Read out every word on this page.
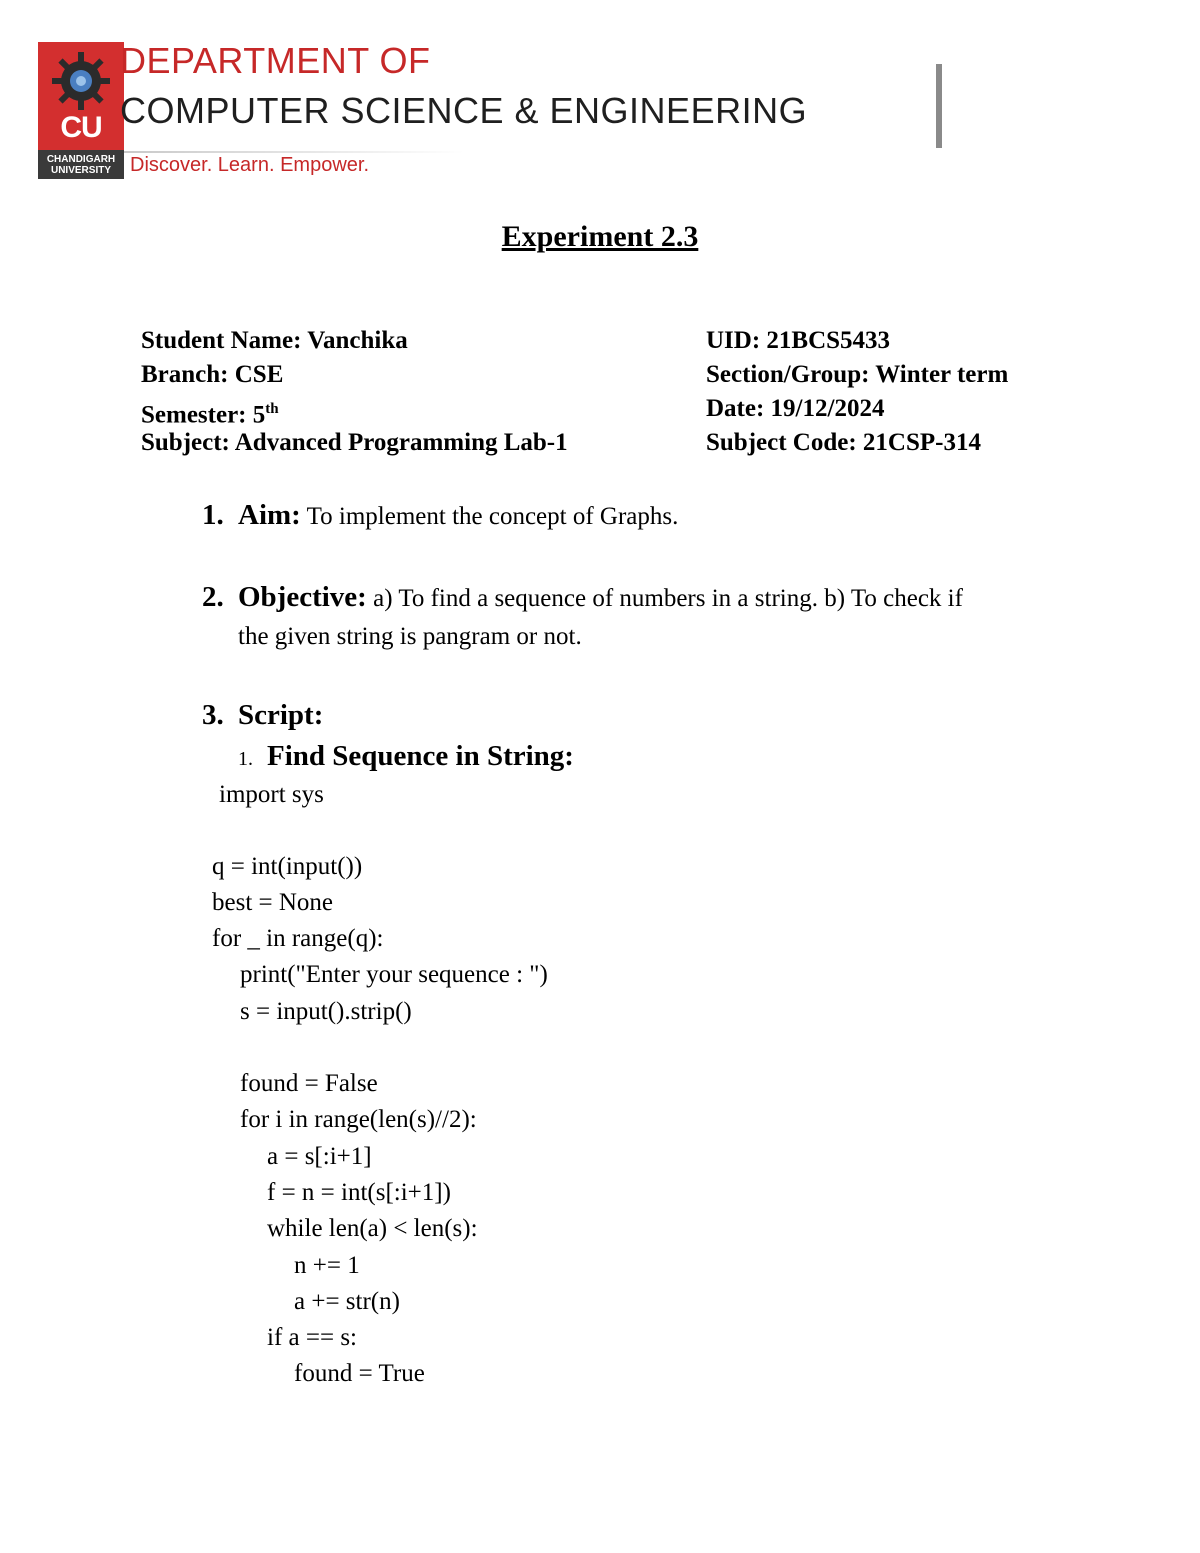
CU
CHANDIGARH
UNIVERSITY
DEPARTMENT OF
COMPUTER SCIENCE & ENGINEERING
Discover. Learn. Empower.
Experiment 2.3
Student Name: Vanchika
Branch: CSE
Semester: 5th
Subject: Advanced Programming Lab-1
UID: 21BCS5433
Section/Group: Winter term
Date: 19/12/2024
Subject Code: 21CSP-314
1. Aim: To implement the concept of Graphs.
2. Objective: a) To find a sequence of numbers in a string. b) To check if
the given string is pangram or not.
3. Script:
1. Find Sequence in String:
import sys
q = int(input())
best = None
for _ in range(q):
print("Enter your sequence : ")
s = input().strip()
found = False
for i in range(len(s)//2):
a = s[:i+1]
f = n = int(s[:i+1])
while len(a) < len(s):
n += 1
a += str(n)
if a == s:
found = True
